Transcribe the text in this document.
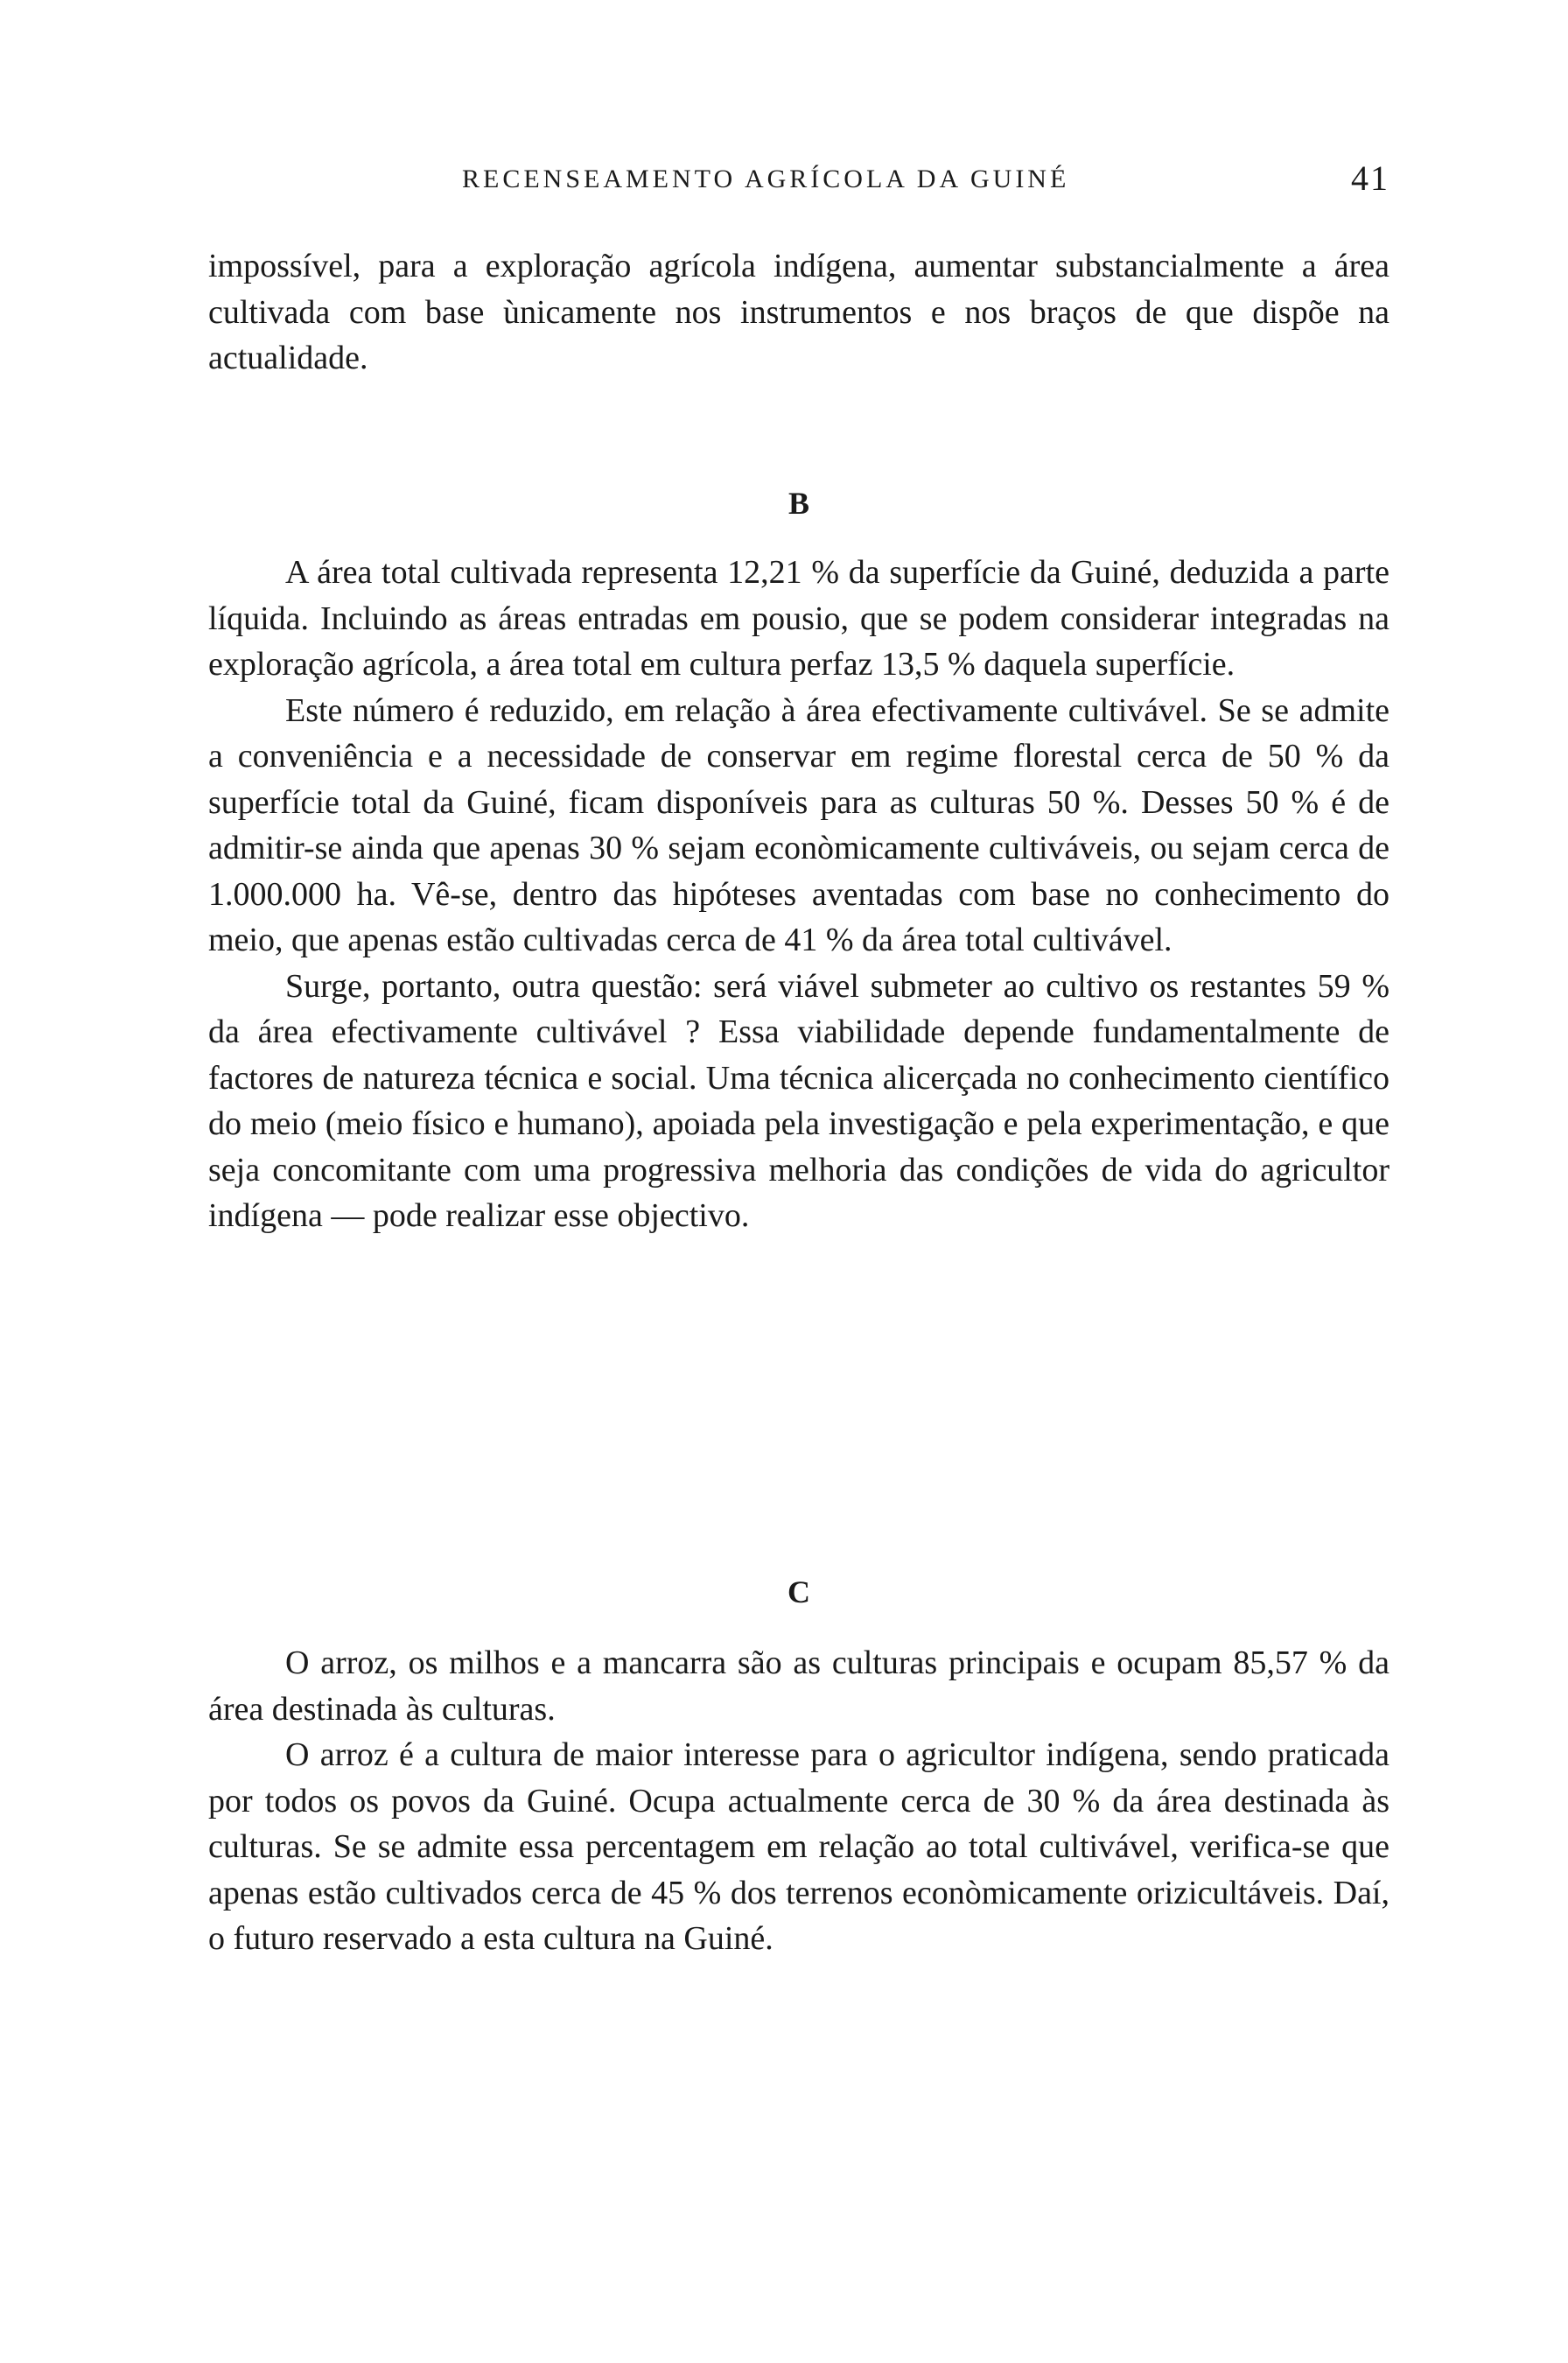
RECENSEAMENTO AGRÍCOLA DA GUINÉ	41

impossível, para a exploração agrícola indígena, aumentar substancialmente a área cultivada com base ùnicamente nos instrumentos e nos braços de que dispõe na actualidade.

B

A área total cultivada representa 12,21 % da superfície da Guiné, deduzida a parte líquida. Incluindo as áreas entradas em pousio, que se podem considerar integradas na exploração agrícola, a área total em cultura perfaz 13,5 % daquela superfície.

Este número é reduzido, em relação à área efectivamente cultivável. Se se admite a conveniência e a necessidade de conservar em regime florestal cerca de 50 % da superfície total da Guiné, ficam disponíveis para as culturas 50 %. Desses 50 % é de admitir-se ainda que apenas 30 % sejam econòmicamente cultiváveis, ou sejam cerca de 1.000.000 ha. Vê-se, dentro das hipóteses aventadas com base no conhecimento do meio, que apenas estão cultivadas cerca de 41 % da área total cultivável.

Surge, portanto, outra questão: será viável submeter ao cultivo os restantes 59 % da área efectivamente cultivável ? Essa viabilidade depende fundamentalmente de factores de natureza técnica e social. Uma técnica alicerçada no conhecimento científico do meio (meio físico e humano), apoiada pela investigação e pela experimentação, e que seja concomitante com uma progressiva melhoria das condições de vida do agricultor indígena — pode realizar esse objectivo.

C

O arroz, os milhos e a mancarra são as culturas principais e ocupam 85,57 % da área destinada às culturas.

O arroz é a cultura de maior interesse para o agricultor indígena, sendo praticada por todos os povos da Guiné. Ocupa actualmente cerca de 30 % da área destinada às culturas. Se se admite essa percentagem em relação ao total cultivável, verifica-se que apenas estão cultivados cerca de 45 % dos terrenos econòmicamente orizicultáveis. Daí, o futuro reservado a esta cultura na Guiné.
